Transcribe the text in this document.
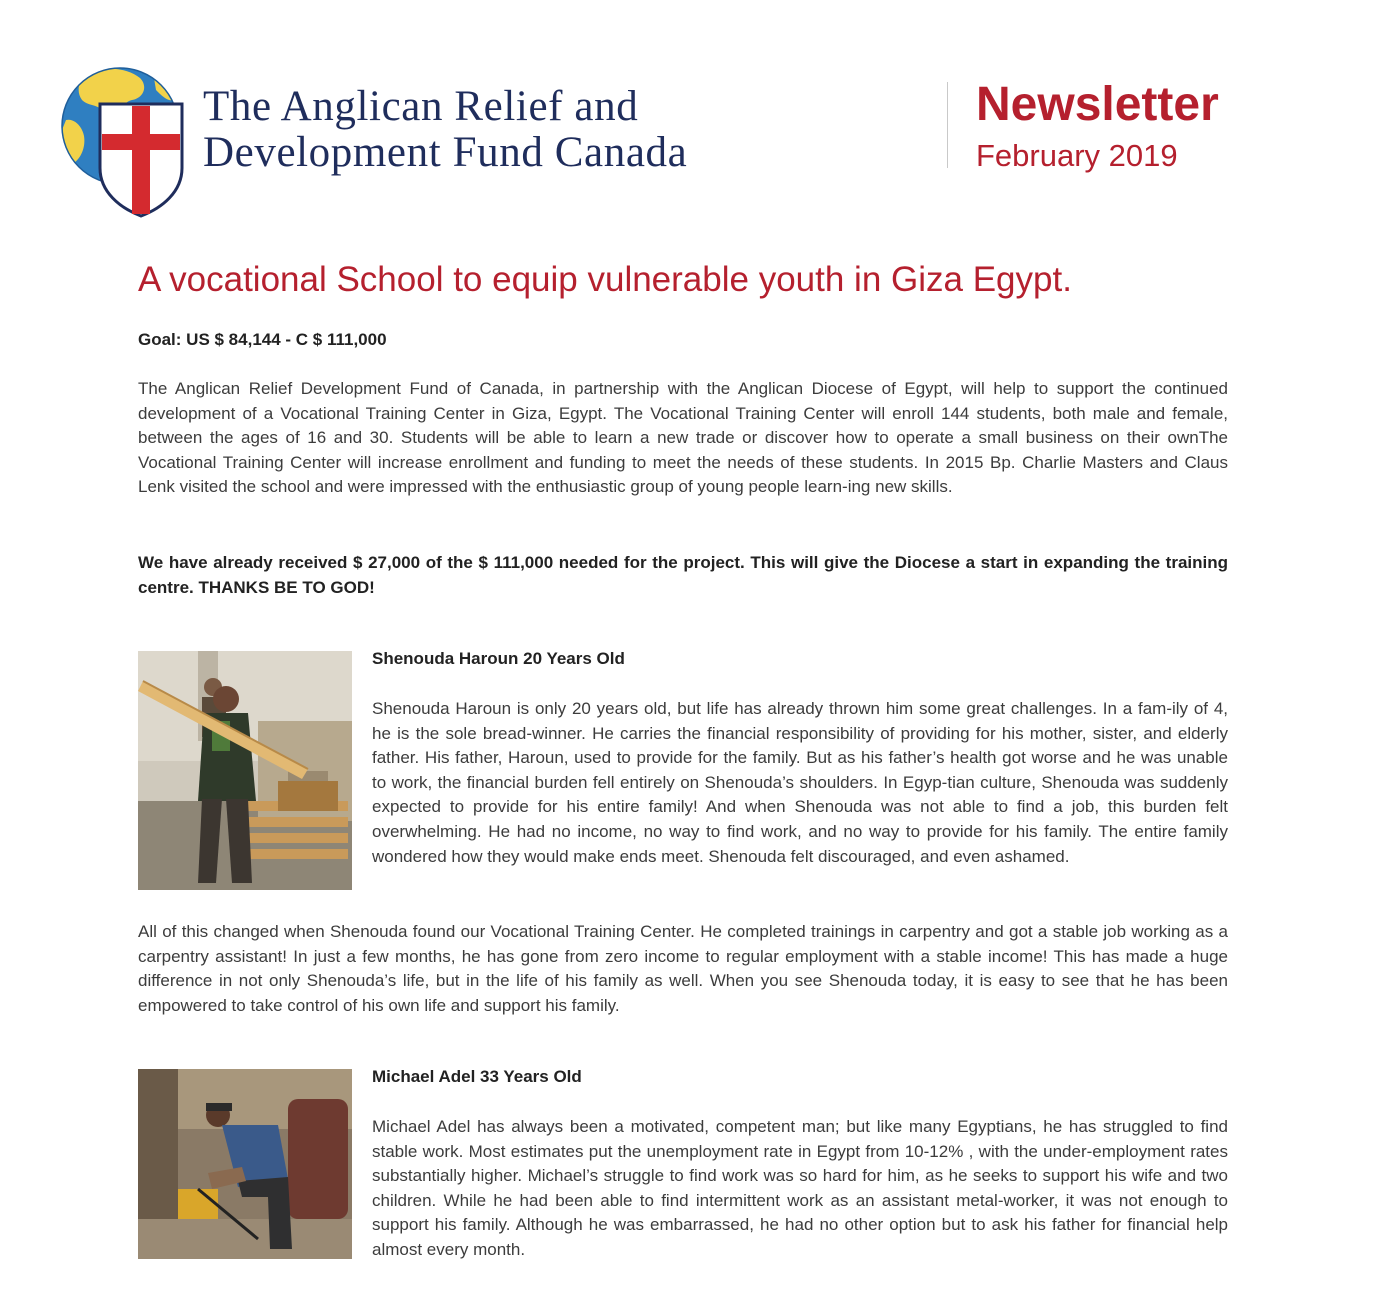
The Anglican Relief and
Development Fund Canada
Newsletter
February 2019
A vocational School to equip vulnerable youth in Giza Egypt.
Goal: US $ 84,144 - C $ 111,000
The Anglican Relief Development Fund of Canada, in partnership with the Anglican Diocese of Egypt, will help to support the continued development of a Vocational Training Center in Giza, Egypt. The Vocational Training Center will enroll 144 students, both male and female, between the ages of 16 and 30. Students will be able to learn a new trade or discover how to operate a small business on their ownThe Vocational Training Center will increase enrollment and funding to meet the needs of these students. In 2015 Bp. Charlie Masters and Claus Lenk visited the school and were impressed with the enthusiastic group of young people learn-ing new skills.
We have already received $ 27,000 of the $ 111,000 needed for the project. This will give the Diocese a start in expanding the training centre. THANKS BE TO GOD!
Shenouda Haroun 20 Years Old
Shenouda Haroun is only 20 years old, but life has already thrown him some great challenges. In a fam-ily of 4, he is the sole bread-winner. He carries the financial responsibility of providing for his mother, sister, and elderly father. His father, Haroun, used to provide for the family. But as his father’s health got worse and he was unable to work, the financial burden fell entirely on Shenouda’s shoulders. In Egyp-tian culture, Shenouda was suddenly expected to provide for his entire family! And when Shenouda was not able to find a job, this burden felt overwhelming. He had no income, no way to find work, and no way to provide for his family. The entire family wondered how they would make ends meet. Shenouda felt discouraged, and even ashamed.
All of this changed when Shenouda found our Vocational Training Center. He completed trainings in carpentry and got a stable job working as a carpentry assistant! In just a few months, he has gone from zero income to regular employment with a stable income! This has made a huge difference in not only Shenouda’s life, but in the life of his family as well. When you see Shenouda today, it is easy to see that he has been empowered to take control of his own life and support his family.
Michael Adel 33 Years Old
Michael Adel has always been a motivated, competent man; but like many Egyptians, he has struggled to find stable work. Most estimates put the unemployment rate in Egypt from 10-12% , with the under-employment rates substantially higher. Michael’s struggle to find work was so hard for him, as he seeks to support his wife and two children. While he had been able to find intermittent work as an assistant metal-worker, it was not enough to support his family. Although he was embarrassed, he had no other option but to ask his father for financial help almost every month.
